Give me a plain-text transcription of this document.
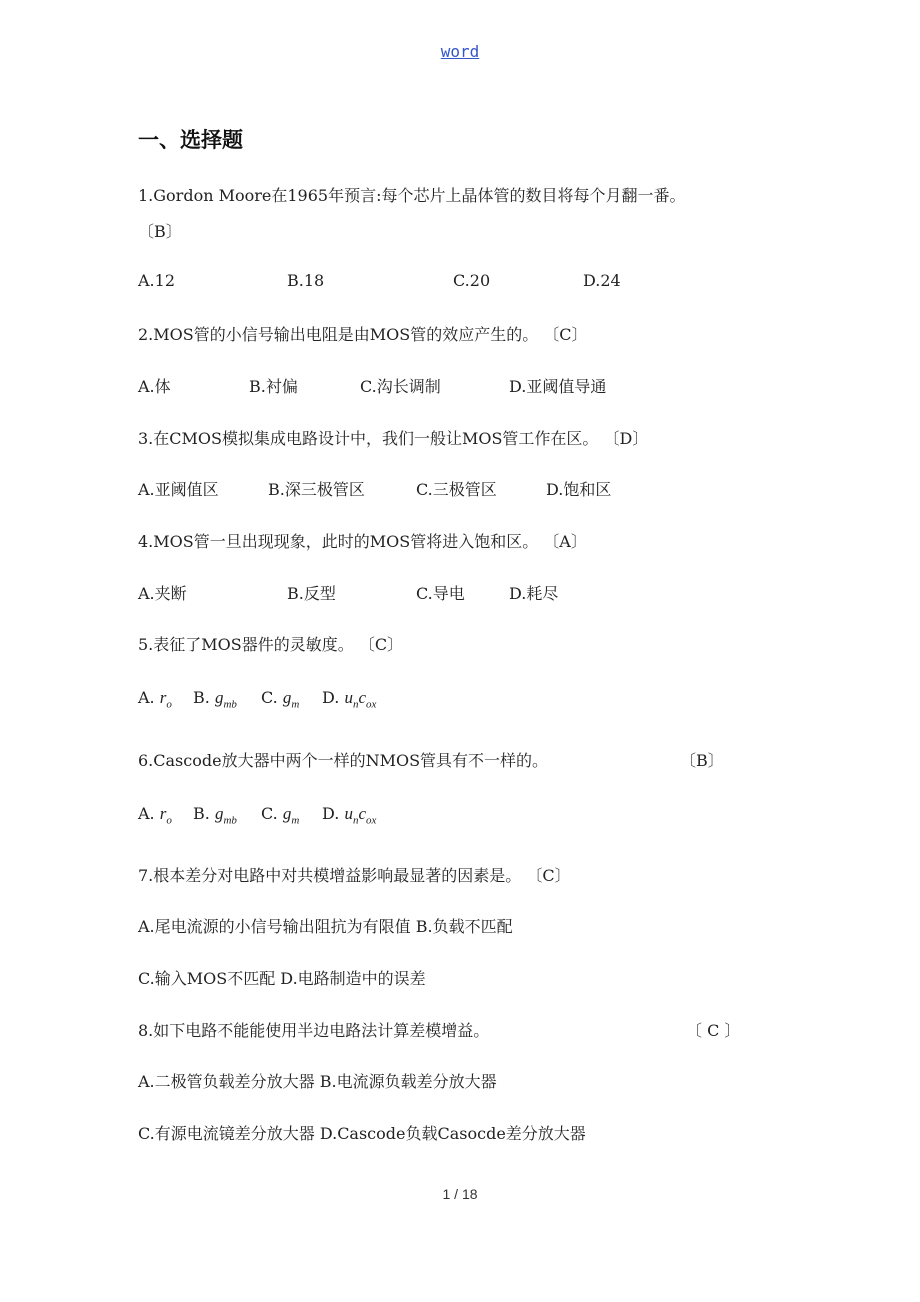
word
一、选择题
1.Gordon Moore在1965年预言:每个芯片上晶体管的数目将每个月翻一番。
〔B〕
A.12	B.18	C.20	D.24
2.MOS管的小信号输出电阻是由MOS管的效应产生的。 〔C〕
A.体	B.衬偏	C.沟长调制	D.亚阈值导通
3.在CMOS模拟集成电路设计中，我们一般让MOS管工作在区。 〔D〕
A.亚阈值区	B.深三极管区	C.三极管区	D.饱和区
4.MOS管一旦出现现象，此时的MOS管将进入饱和区。 〔A〕
A.夹断	B.反型	C.导电	D.耗尽
5.表征了MOS器件的灵敏度。 〔C〕
A. $r_o$ B. $g_{mb}$ C. $g_m$ D. $u_nc_{ox}$
6.Cascode放大器中两个一样的NMOS管具有不一样的。	〔B〕
A. $r_o$ B. $g_{mb}$ C. $g_m$ D. $u_nc_{ox}$
7.根本差分对电路中对共模增益影响最显著的因素是。 〔C〕
A.尾电流源的小信号输出阻抗为有限值 B.负载不匹配
C.输入MOS不匹配 D.电路制造中的误差
8.如下电路不能能使用半边电路法计算差模增益。	〔 C 〕
A.二极管负载差分放大器 B.电流源负载差分放大器
C.有源电流镜差分放大器 D.Cascode负载Casocde差分放大器
1 / 18
